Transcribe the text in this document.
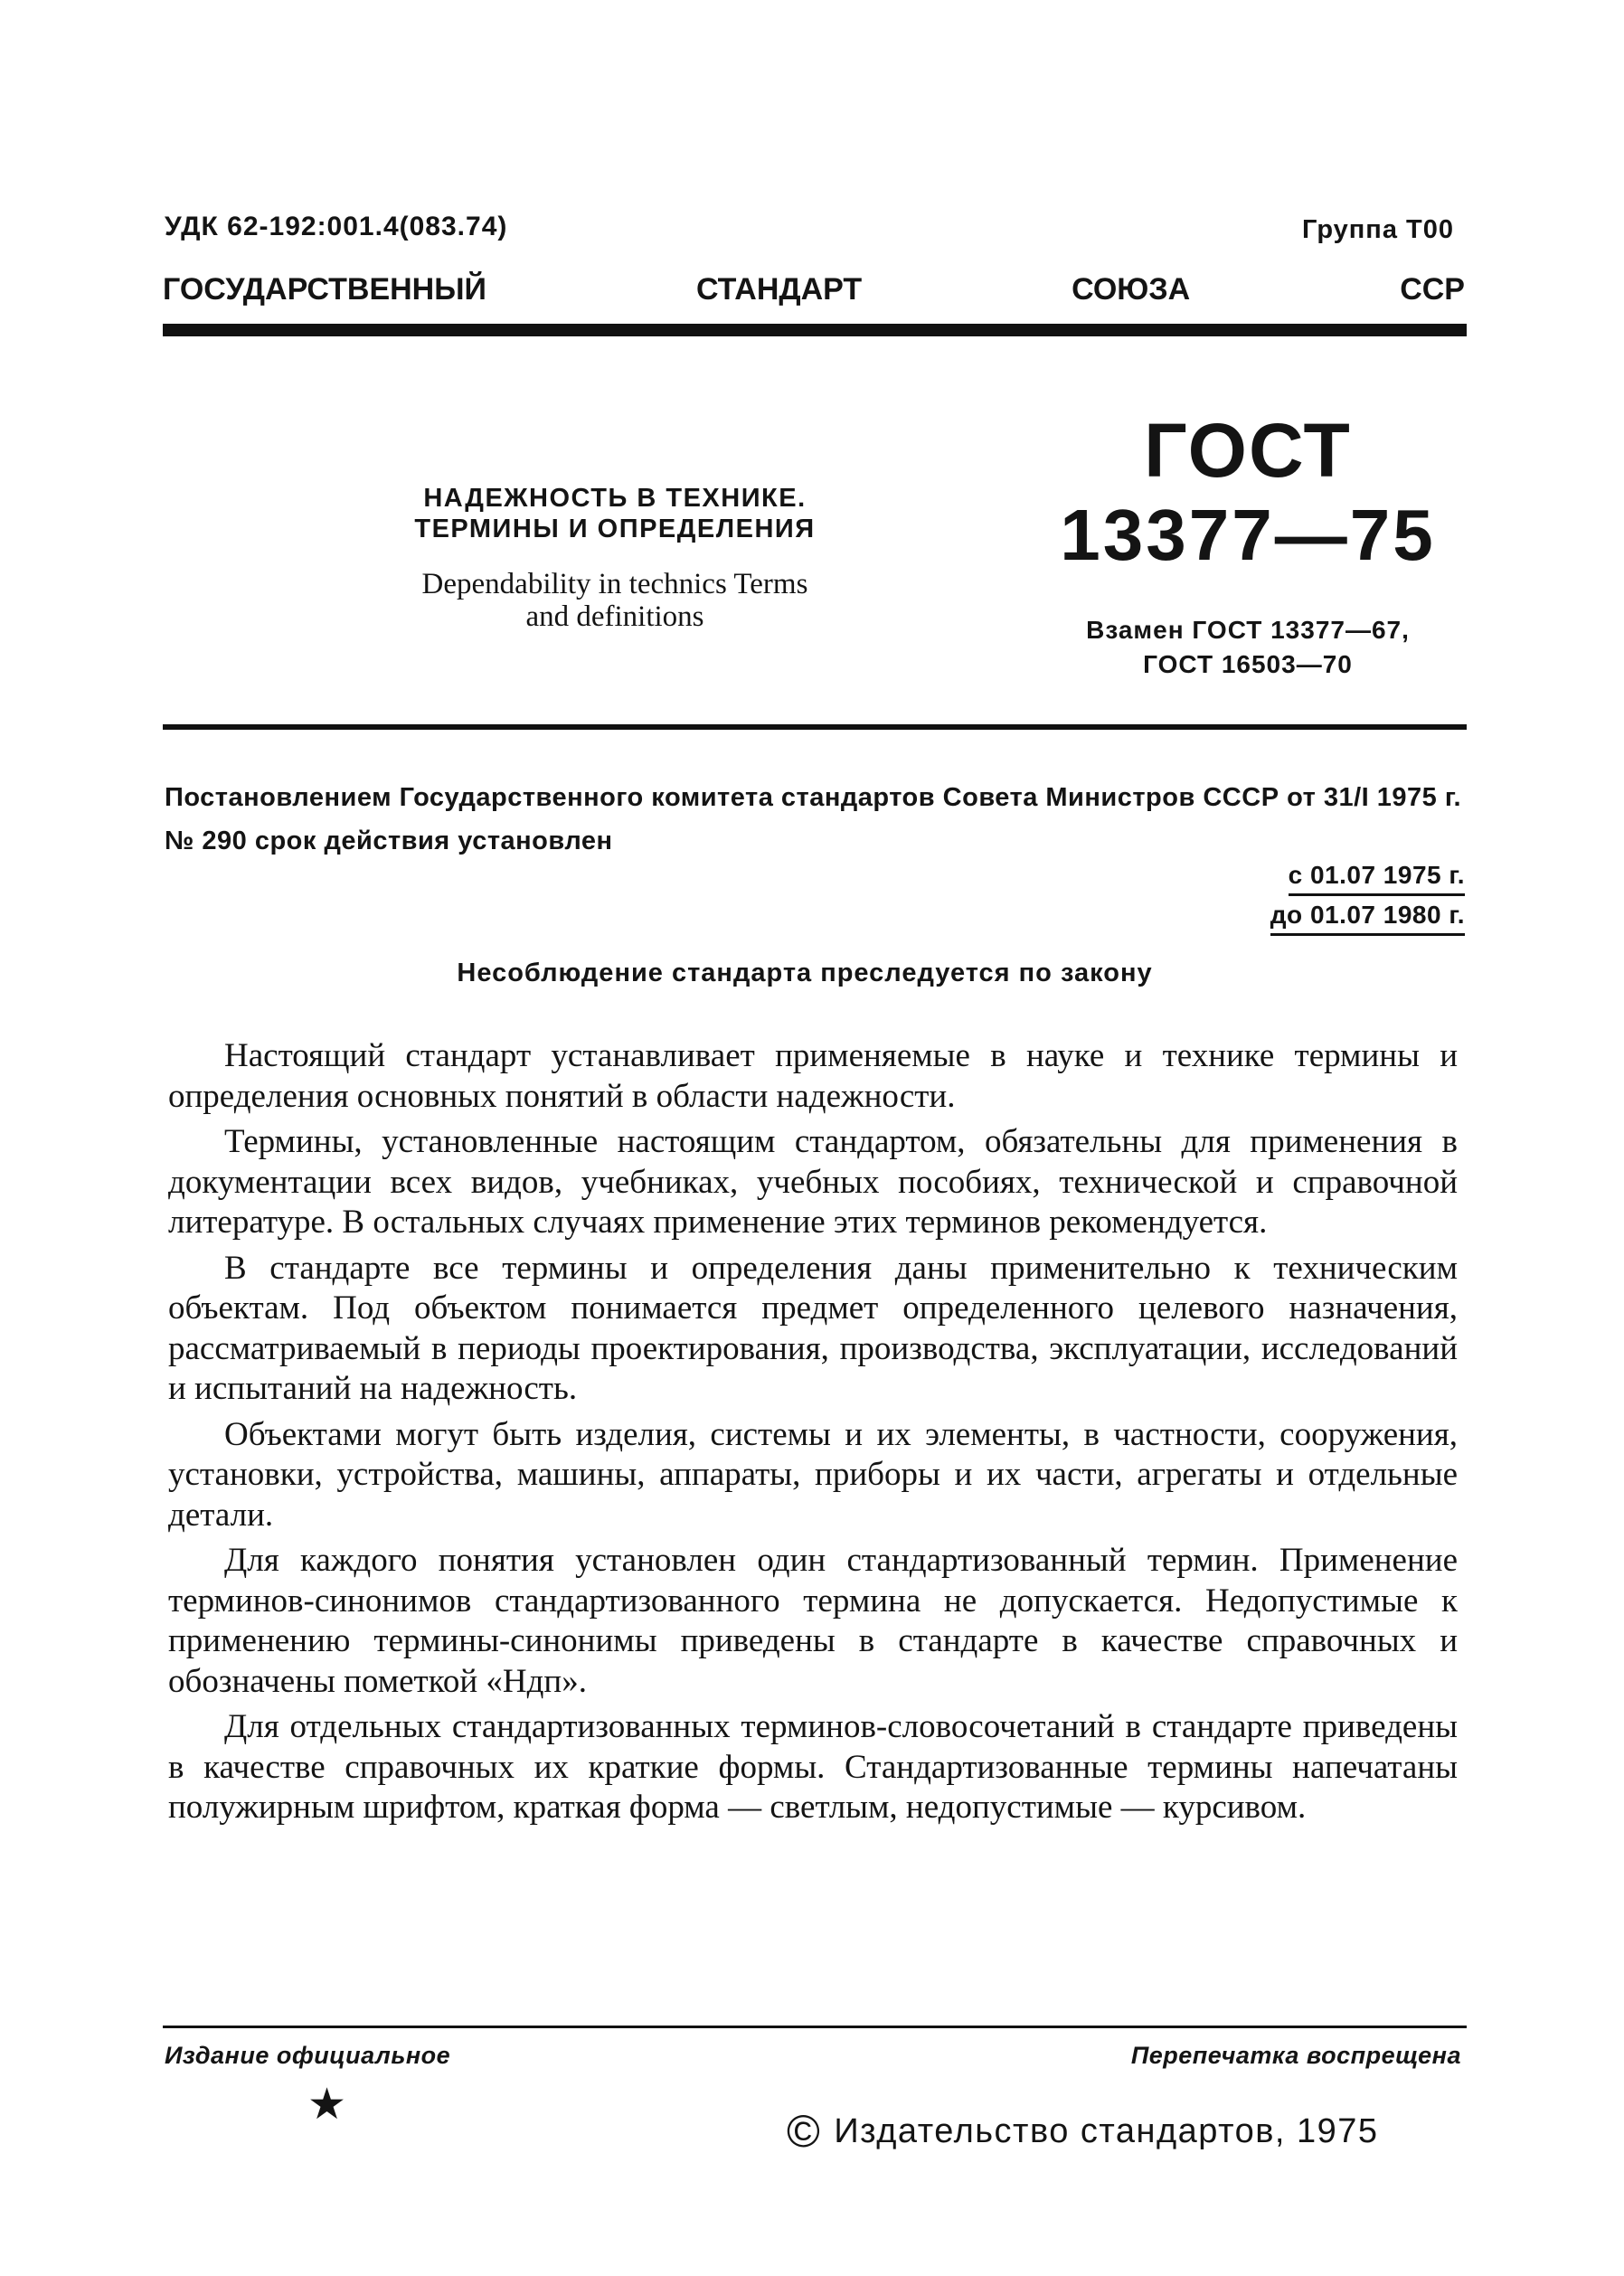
УДК 62-192:001.4(083.74)	Группа Т00
ГОСУДАРСТВЕННЫЙ	СТАНДАРТ	СОЮЗА	ССР
НАДЕЖНОСТЬ В ТЕХНИКЕ.
ТЕРМИНЫ И ОПРЕДЕЛЕНИЯ
Dependability in technics Terms
and definitions
ГОСТ
13377—75
Взамен ГОСТ 13377—67,
ГОСТ 16503—70
Постановлением Государственного комитета стандартов Совета Министров СССР от 31/I 1975 г. № 290 срок действия установлен
с 01.07 1975 г.
до 01.07 1980 г.
Несоблюдение стандарта преследуется по закону

Настоящий стандарт устанавливает применяемые в науке и технике термины и определения основных понятий в области надежности.

Термины, установленные настоящим стандартом, обязательны для применения в документации всех видов, учебниках, учебных пособиях, технической и справочной литературе. В остальных случаях применение этих терминов рекомендуется.

В стандарте все термины и определения даны применительно к техническим объектам. Под объектом понимается предмет определенного целевого назначения, рассматриваемый в периоды проектирования, производства, эксплуатации, исследований и испытаний на надежность.

Объектами могут быть изделия, системы и их элементы, в частности, сооружения, установки, устройства, машины, аппараты, приборы и их части, агрегаты и отдельные детали.

Для каждого понятия установлен один стандартизованный термин. Применение терминов-синонимов стандартизованного термина не допускается. Недопустимые к применению термины-синонимы приведены в стандарте в качестве справочных и обозначены пометкой «Ндп».

Для отдельных стандартизованных терминов-словосочетаний в стандарте приведены в качестве справочных их краткие формы. Стандартизованные термины напечатаны полужирным шрифтом, краткая форма — светлым, недопустимые — курсивом.

Издание официальное	Перепечатка воспрещена
★
© Издательство стандартов, 1975
